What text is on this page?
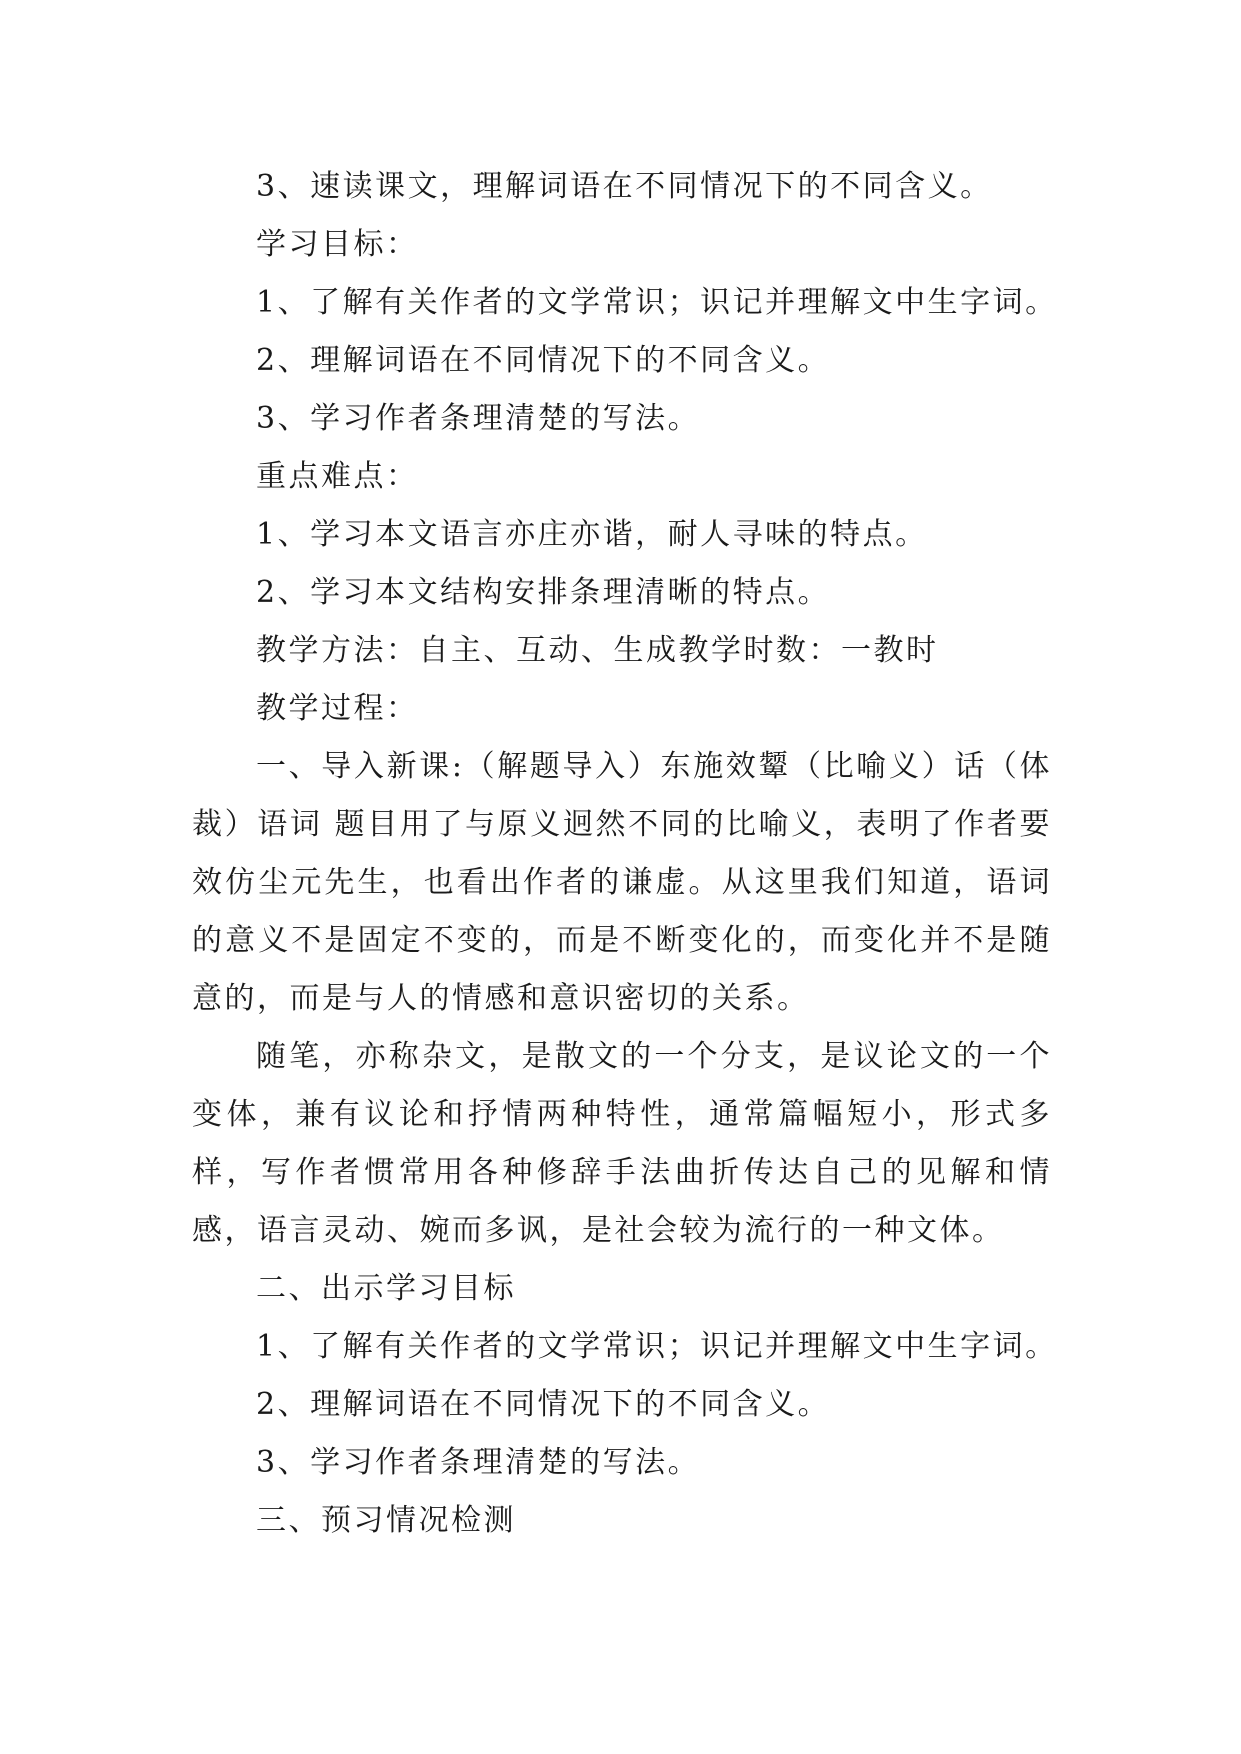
3、速读课文，理解词语在不同情况下的不同含义。

学习目标：

1、了解有关作者的文学常识；识记并理解文中生字词。

2、理解词语在不同情况下的不同含义。

3、学习作者条理清楚的写法。

重点难点：

1、学习本文语言亦庄亦谐，耐人寻味的特点。

2、学习本文结构安排条理清晰的特点。

教学方法：自主、互动、生成教学时数：一教时

教学过程：

一、导入新课:（解题导入）东施效颦（比喻义）话（体裁）语词 题目用了与原义迥然不同的比喻义，表明了作者要效仿尘元先生，也看出作者的谦虚。从这里我们知道，语词的意义不是固定不变的，而是不断变化的，而变化并不是随意的，而是与人的情感和意识密切的关系。

随笔，亦称杂文，是散文的一个分支，是议论文的一个变体，兼有议论和抒情两种特性，通常篇幅短小，形式多样，写作者惯常用各种修辞手法曲折传达自己的见解和情感，语言灵动、婉而多讽，是社会较为流行的一种文体。

二、出示学习目标

1、了解有关作者的文学常识；识记并理解文中生字词。

2、理解词语在不同情况下的不同含义。

3、学习作者条理清楚的写法。

三、预习情况检测
